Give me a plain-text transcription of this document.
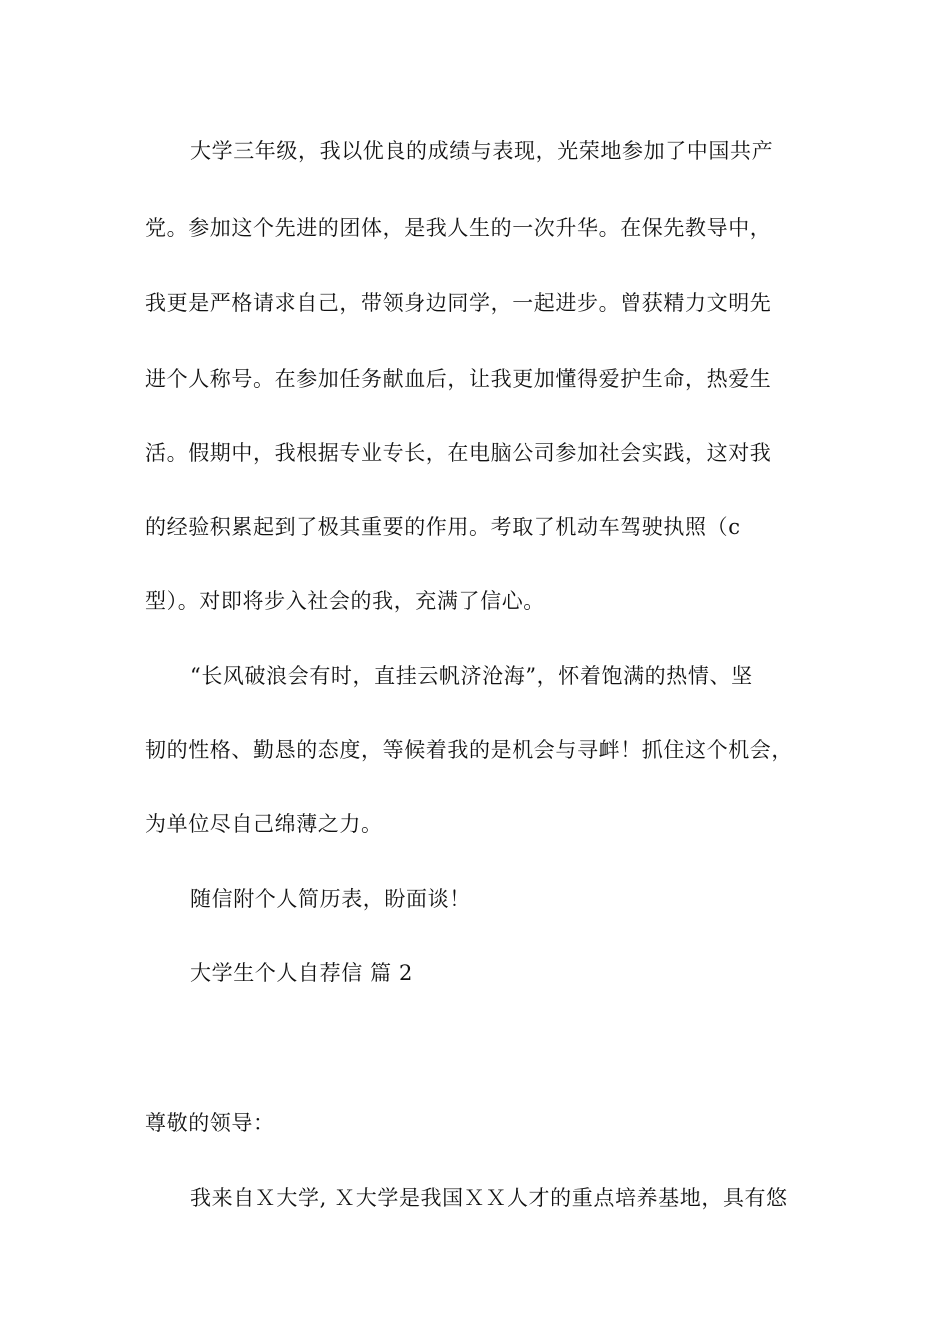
大学三年级，我以优良的成绩与表现，光荣地参加了中国共产
党。参加这个先进的团体，是我人生的一次升华。在保先教导中，
我更是严格请求自己，带领身边同学，一起进步。曾获精力文明先
进个人称号。在参加任务献血后，让我更加懂得爱护生命，热爱生
活。假期中，我根据专业专长，在电脑公司参加社会实践，这对我
的经验积累起到了极其重要的作用。考取了机动车驾驶执照（c
型）。对即将步入社会的我，充满了信心。
“长风破浪会有时，直挂云帆济沧海”，怀着饱满的热情、坚
韧的性格、勤恳的态度，等候着我的是机会与寻衅！抓住这个机会，
为单位尽自己绵薄之力。
随信附个人简历表，盼面谈！
大学生个人自荐信 篇 2
尊敬的领导：
我来自Ｘ大学, Ｘ大学是我国ＸＸ人才的重点培养基地，具有悠
